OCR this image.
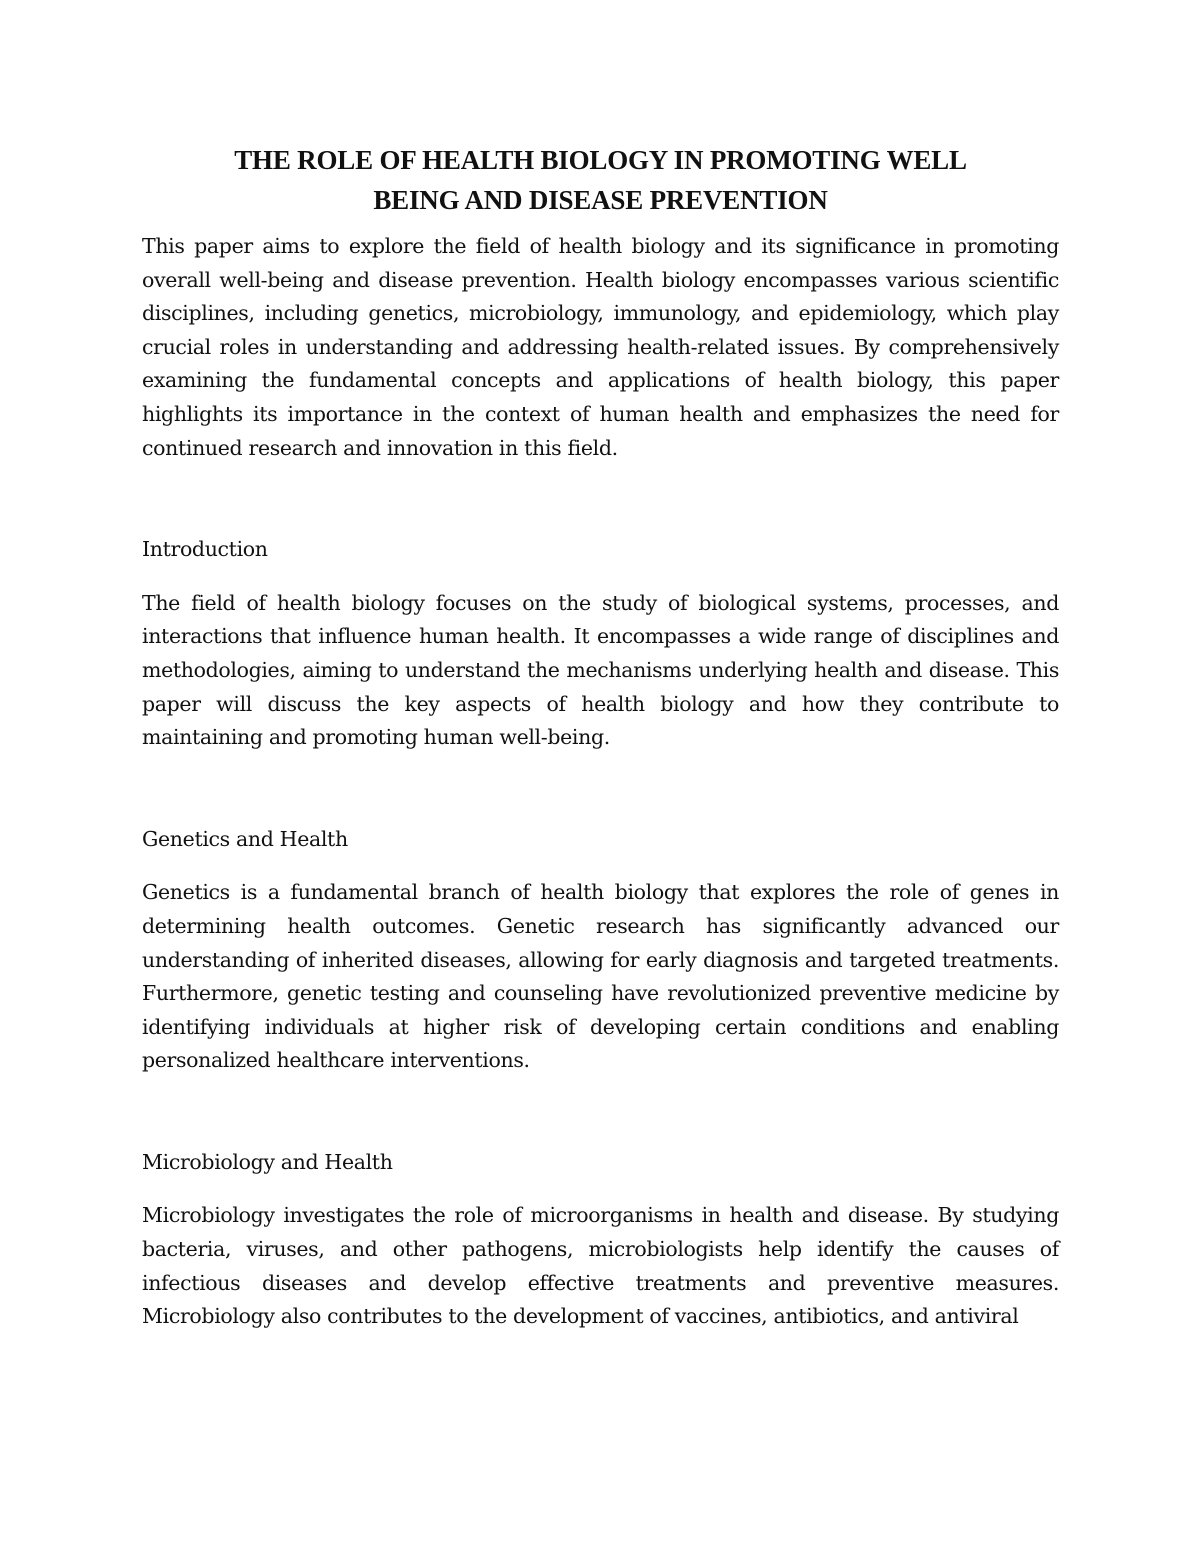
THE ROLE OF HEALTH BIOLOGY IN PROMOTING WELL
BEING AND DISEASE PREVENTION

This paper aims to explore the field of health biology and its significance in promoting overall well-being and disease prevention. Health biology encompasses various scientific disciplines, including genetics, microbiology, immunology, and epidemiology, which play crucial roles in understanding and addressing health-related issues. By comprehensively examining the fundamental concepts and applications of health biology, this paper highlights its importance in the context of human health and emphasizes the need for continued research and innovation in this field.

Introduction

The field of health biology focuses on the study of biological systems, processes, and interactions that influence human health. It encompasses a wide range of disciplines and methodologies, aiming to understand the mechanisms underlying health and disease. This paper will discuss the key aspects of health biology and how they contribute to maintaining and promoting human well-being.

Genetics and Health

Genetics is a fundamental branch of health biology that explores the role of genes in determining health outcomes. Genetic research has significantly advanced our understanding of inherited diseases, allowing for early diagnosis and targeted treatments. Furthermore, genetic testing and counseling have revolutionized preventive medicine by identifying individuals at higher risk of developing certain conditions and enabling personalized healthcare interventions.

Microbiology and Health

Microbiology investigates the role of microorganisms in health and disease. By studying bacteria, viruses, and other pathogens, microbiologists help identify the causes of infectious diseases and develop effective treatments and preventive measures. Microbiology also contributes to the development of vaccines, antibiotics, and antiviral
